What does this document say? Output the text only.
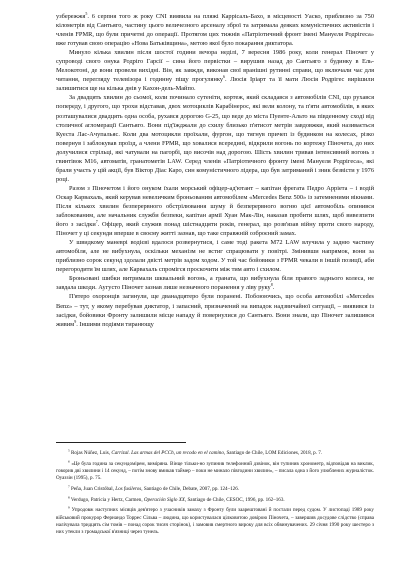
узбережжя$^5$. 6 серпня того ж року CNI виявила на пляжі Каррісаль-Бахо, в місцевості Уаско, приблизно за 750 кілометрів від Сантьяго, частину цього величезного арсеналу зброї та затримала деяких комуністичних активістів і членів FPMR, що були причетні до операції. Протягом цих тижнів «Патріотичний фронт імені Мануеля Родрігеса» вже готував свою операцію «Нова Батьківщина», метою якої було покарання диктатора.

Минуло кілька хвилин після шостої години вечора неділі, 7 вересня 1986 року, коли генерал Піночет у супроводі свого онука Родріго Гарсії – сина його первістки – вирушив назад до Сантьяго з будинку в Ель-Мелокотоні, де вони провели вихідні. Він, як завжди, виконав свої вранішні рутинні справи, що включали час для читання, перегляду телевізора і годинну піщу прогулянку$^6$. Люсія Іріарт та її мати Люсія Родрігес вирішили залишитися ще на кілька днів у Кахон-дель-Майпо.

За двадцять хвилин до сьомої, коли починало сутеніти, кортеж, який складався з автомобілів CNI, що рухався попереду, і другого, що трохи відставав, двох мотоциклів Карабінерос, які вели колону, та п'яти автомобілів, в яких розташувалися двадцять одна особа, рухався дорогою G-25, що веде до міста Пуенте-Альто на південному сході від столичної агломерації Сантьяго. Вони під'їжджали до схилу близько п'ятисот метрів завдовжки, який називається Куеста Лас-Ачупальяс. Коли два мотоцикли проїхали, фургон, що тягнув причеп із будинком на колесах, різко повернув і заблокував проїзд, а члени FPMR, що ховалися всередині, відкрили вогонь по кортежу Піночета, до них долучилися стрільці, які чатували на пагорбі, що височів над дорогою. Шість хвилин тривав інтенсивний вогонь з гвинтівок M16, автоматів, гранатометів LAW. Серед членів «Патріотичного фронту імені Мануеля Родрігеса», які брали участь у цій акції, був Віктор Діас Каро, син комуністичного лідера, що був затриманий і зник безвісти у 1976 році.

Разом з Піночетом і його онуком їхали морський офіцер-ад'ютант – капітан фрегата Педро Арріета – і водій Оскар Карвахаль, який керував невеличким броньованим автомобілем «Mercedes Benz 500» із затемненими вікнами. Після кількох хвилин безперервного обстрілювання шуму й безперервного вогню цієї автомобіль опинився заблокованим, але начальник служби безпеки, капітан армії Хуан Мак-Лін, наказав пробити шлях, щоб вивезпити його з засідки$^7$. Офіцер, який служив понад шістнадцяти років, генерал, що розв'язав війну проти свого народу, Піночет у ці секунди вперше в своєму житті зазнав, що таке справжній озброєний замах.

У швидкому маневрі водієві вдалося розвернутися, і саме тоді ракета M72 LAW влучила у задню частину автомобіля, але не вибухнула, оскільки механізм не встиг спрацювати у повітрі. Змінивши напрямок, вони за приблизно сорок секунд здолали двісті метрів задом ходом. У той час бойовики з FPMR чекали в іншій позиції, аби перегородити їм шлях, але Карвахаль спромігся проскочити між тим авто і схилом.

Броньовані шибки витримали шквальний вогонь, а граната, що вибухнула біля правого заднього колеса, не завдала шкоди. Аугусто Піночет зазнав лише незначного поранення у ліву руку$^8$.

П'ятеро охоронців загинули, ще дванадцятеро були поранені. Побоюючись, що особа автомобілі «Mercedes Benz» – тут, у якому перебував диктатор, і запасний, призначений на випадок надзвичайної ситуації, – виявився із засідки, бойовики Фронту залишили місце нападу й повернулися до Сантьяго. Вони знали, що Піночет залишився живим$^9$. Іншими подіями тиранющу

$^5$ Rojas Núñez, Luis, Carrizal. Las armas del PCCh, un recodo en el camino, Santiago de Chile, LOM Ediciones, 2018, p. 7.

$^6$ «Це була година за секундомірем, виміряна. Вінце тільки-но зупинив телефонний дзвінок, він тупинив хронометр, відповідав на виклик, говорив дві хвилини і 14 секунд, – потім знову вмикав таймер – поки не минало півгодини хвилин», – писала одна з його улюблених журналісток. Оуаззін (1995), p. 75.

$^7$ Peña, Juan Cristóbal, Los fusileros, Santiago de Chile, Debate, 2007, pp. 124–126.

$^8$ Verdugo, Patricia y Hertz, Carmen, Operación Siglo XX, Santiago de Chile, CESOC, 1996, pp. 162–163.

$^9$ Упродовж наступних місяців дев'ятеро з учасників замаху з Фронту були заарештовані й постали перед судом. У листопаді 1989 року військовий прокурор Фернандо Торрес Сільва – людина, що користувалася цілковитою довірою Піночета, – завершив досудове слідство (справа налічувала тридцять сім томів – понад сорок тисяч сторінок), і замовив смертного вироку для всіх обвинувачених. 29 січня 1990 року шестеро з них утекли з громадської в'язниці через тунель.
